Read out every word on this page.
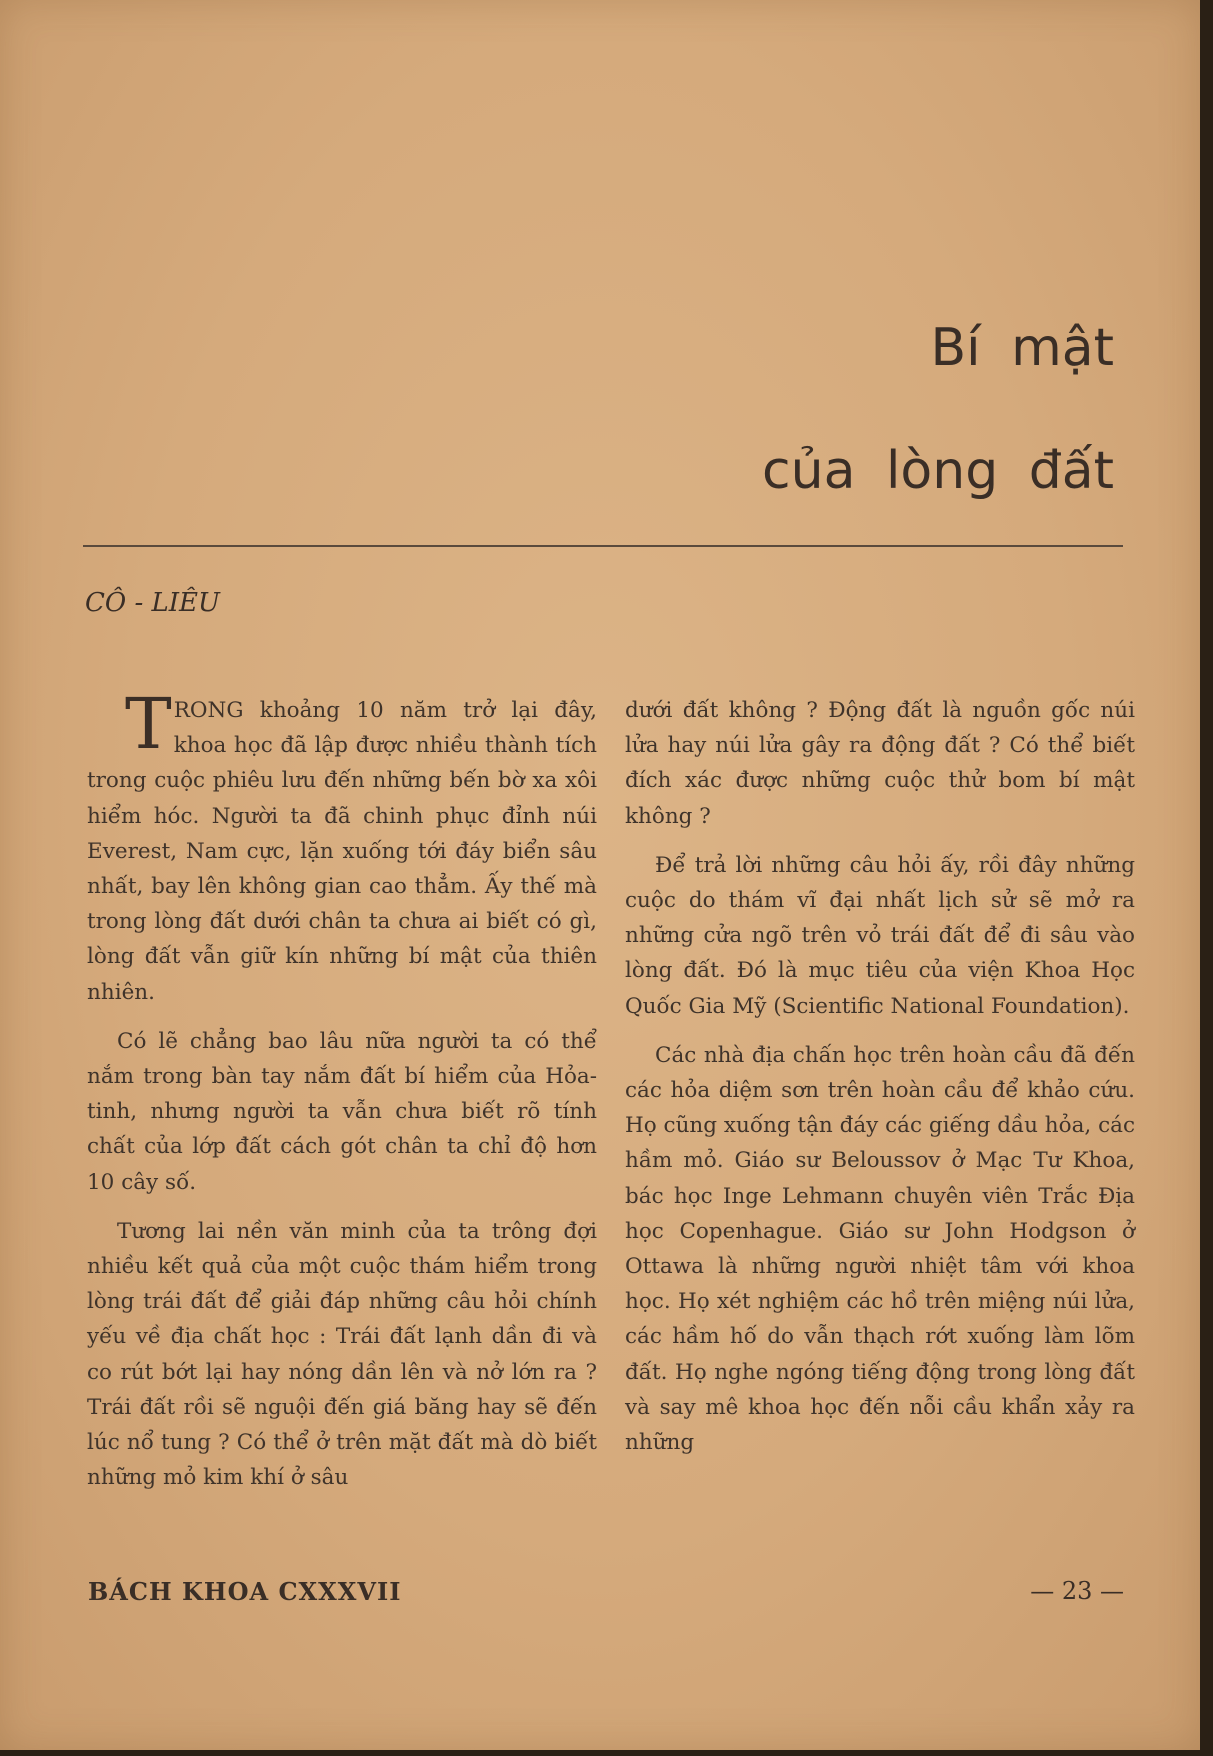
Bí mật
của lòng đất

CÔ - LIÊU

TRONG khoảng 10 năm trở lại đây, khoa học đã lập được nhiều thành tích trong cuộc phiêu lưu đến những bến bờ xa xôi hiểm hóc. Người ta đã chinh phục đỉnh núi Everest, Nam cực, lặn xuống tới đáy biển sâu nhất, bay lên không gian cao thẳm. Ấy thế mà trong lòng đất dưới chân ta chưa ai biết có gì, lòng đất vẫn giữ kín những bí mật của thiên nhiên.

Có lẽ chẳng bao lâu nữa người ta có thể nắm trong bàn tay nắm đất bí hiểm của Hỏa-tinh, nhưng người ta vẫn chưa biết rõ tính chất của lớp đất cách gót chân ta chỉ độ hơn 10 cây số.

Tương lai nền văn minh của ta trông đợi nhiều kết quả của một cuộc thám hiểm trong lòng trái đất để giải đáp những câu hỏi chính yếu về địa chất học : Trái đất lạnh dần đi và co rút bớt lại hay nóng dần lên và nở lớn ra ? Trái đất rồi sẽ nguội đến giá băng hay sẽ đến lúc nổ tung ? Có thể ở trên mặt đất mà dò biết những mỏ kim khí ở sâu

dưới đất không ? Động đất là nguồn gốc núi lửa hay núi lửa gây ra động đất ? Có thể biết đích xác được những cuộc thử bom bí mật không ?

Để trả lời những câu hỏi ấy, rồi đây những cuộc do thám vĩ đại nhất lịch sử sẽ mở ra những cửa ngõ trên vỏ trái đất để đi sâu vào lòng đất. Đó là mục tiêu của viện Khoa Học Quốc Gia Mỹ (Scientific National Foundation).

Các nhà địa chấn học trên hoàn cầu đã đến các hỏa diệm sơn trên hoàn cầu để khảo cứu. Họ cũng xuống tận đáy các giếng dầu hỏa, các hầm mỏ. Giáo sư Beloussov ở Mạc Tư Khoa, bác học Inge Lehmann chuyên viên Trắc Địa học Copenhague. Giáo sư John Hodgson ở Ottawa là những người nhiệt tâm với khoa học. Họ xét nghiệm các hồ trên miệng núi lửa, các hầm hố do vẫn thạch rớt xuống làm lõm đất. Họ nghe ngóng tiếng động trong lòng đất và say mê khoa học đến nỗi cầu khẩn xảy ra những

BÁCH KHOA CXXXVII	— 23 —
